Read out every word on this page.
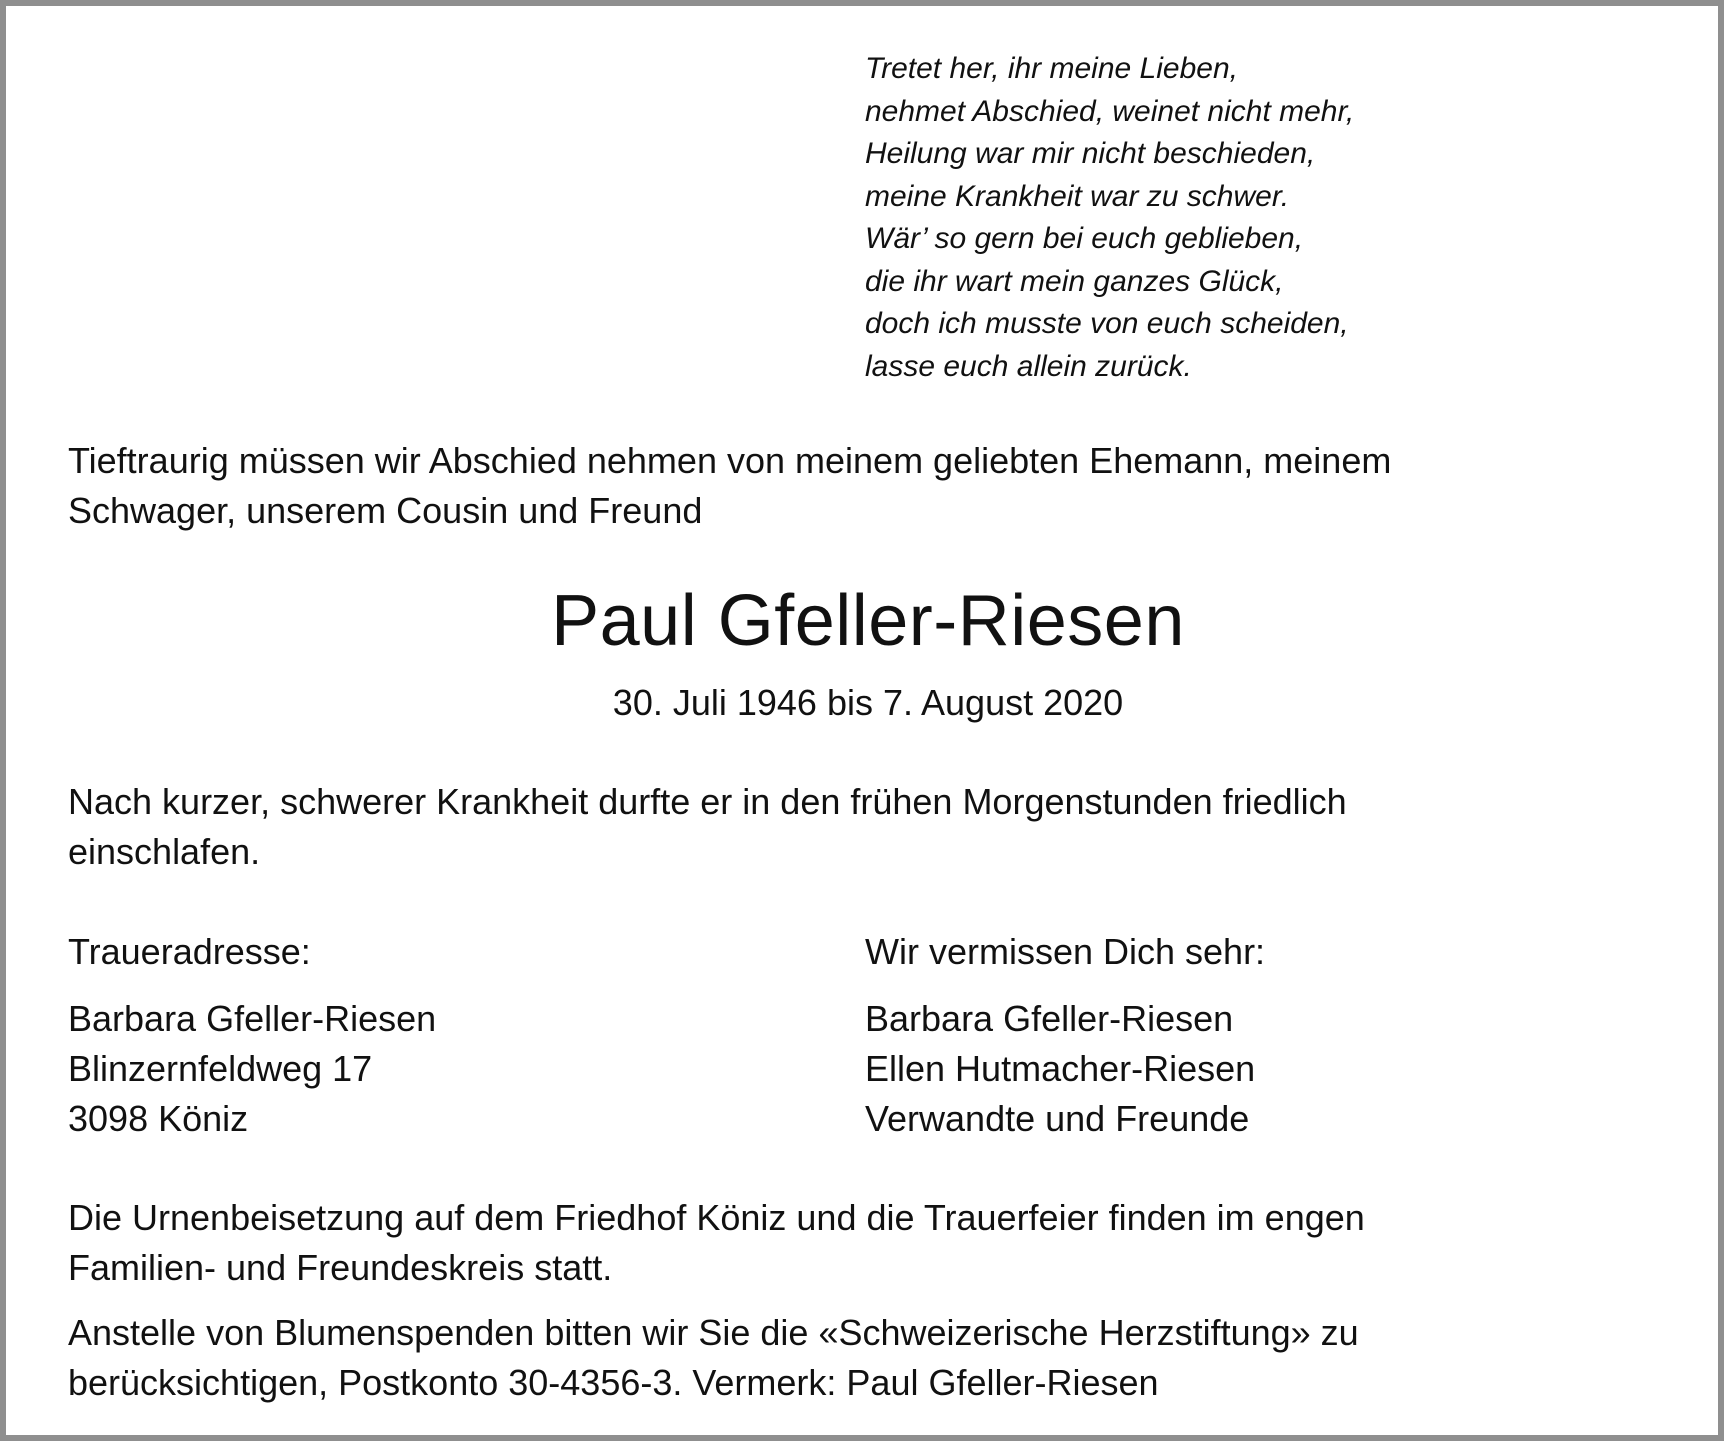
Tretet her, ihr meine Lieben,
nehmet Abschied, weinet nicht mehr,
Heilung war mir nicht beschieden,
meine Krankheit war zu schwer.
Wär’ so gern bei euch geblieben,
die ihr wart mein ganzes Glück,
doch ich musste von euch scheiden,
lasse euch allein zurück.
Tieftraurig müssen wir Abschied nehmen von meinem geliebten Ehemann, meinem
Schwager, unserem Cousin und Freund
Paul Gfeller-Riesen
30. Juli 1946 bis 7. August 2020
Nach kurzer, schwerer Krankheit durfte er in den frühen Morgenstunden friedlich
einschlafen.
Traueradresse:
Barbara Gfeller-Riesen
Blinzernfeldweg 17
3098 Köniz
Wir vermissen Dich sehr:
Barbara Gfeller-Riesen
Ellen Hutmacher-Riesen
Verwandte und Freunde
Die Urnenbeisetzung auf dem Friedhof Köniz und die Trauerfeier finden im engen
Familien- und Freundeskreis statt.
Anstelle von Blumenspenden bitten wir Sie die «Schweizerische Herzstiftung» zu
berücksichtigen, Postkonto 30-4356-3. Vermerk: Paul Gfeller-Riesen
